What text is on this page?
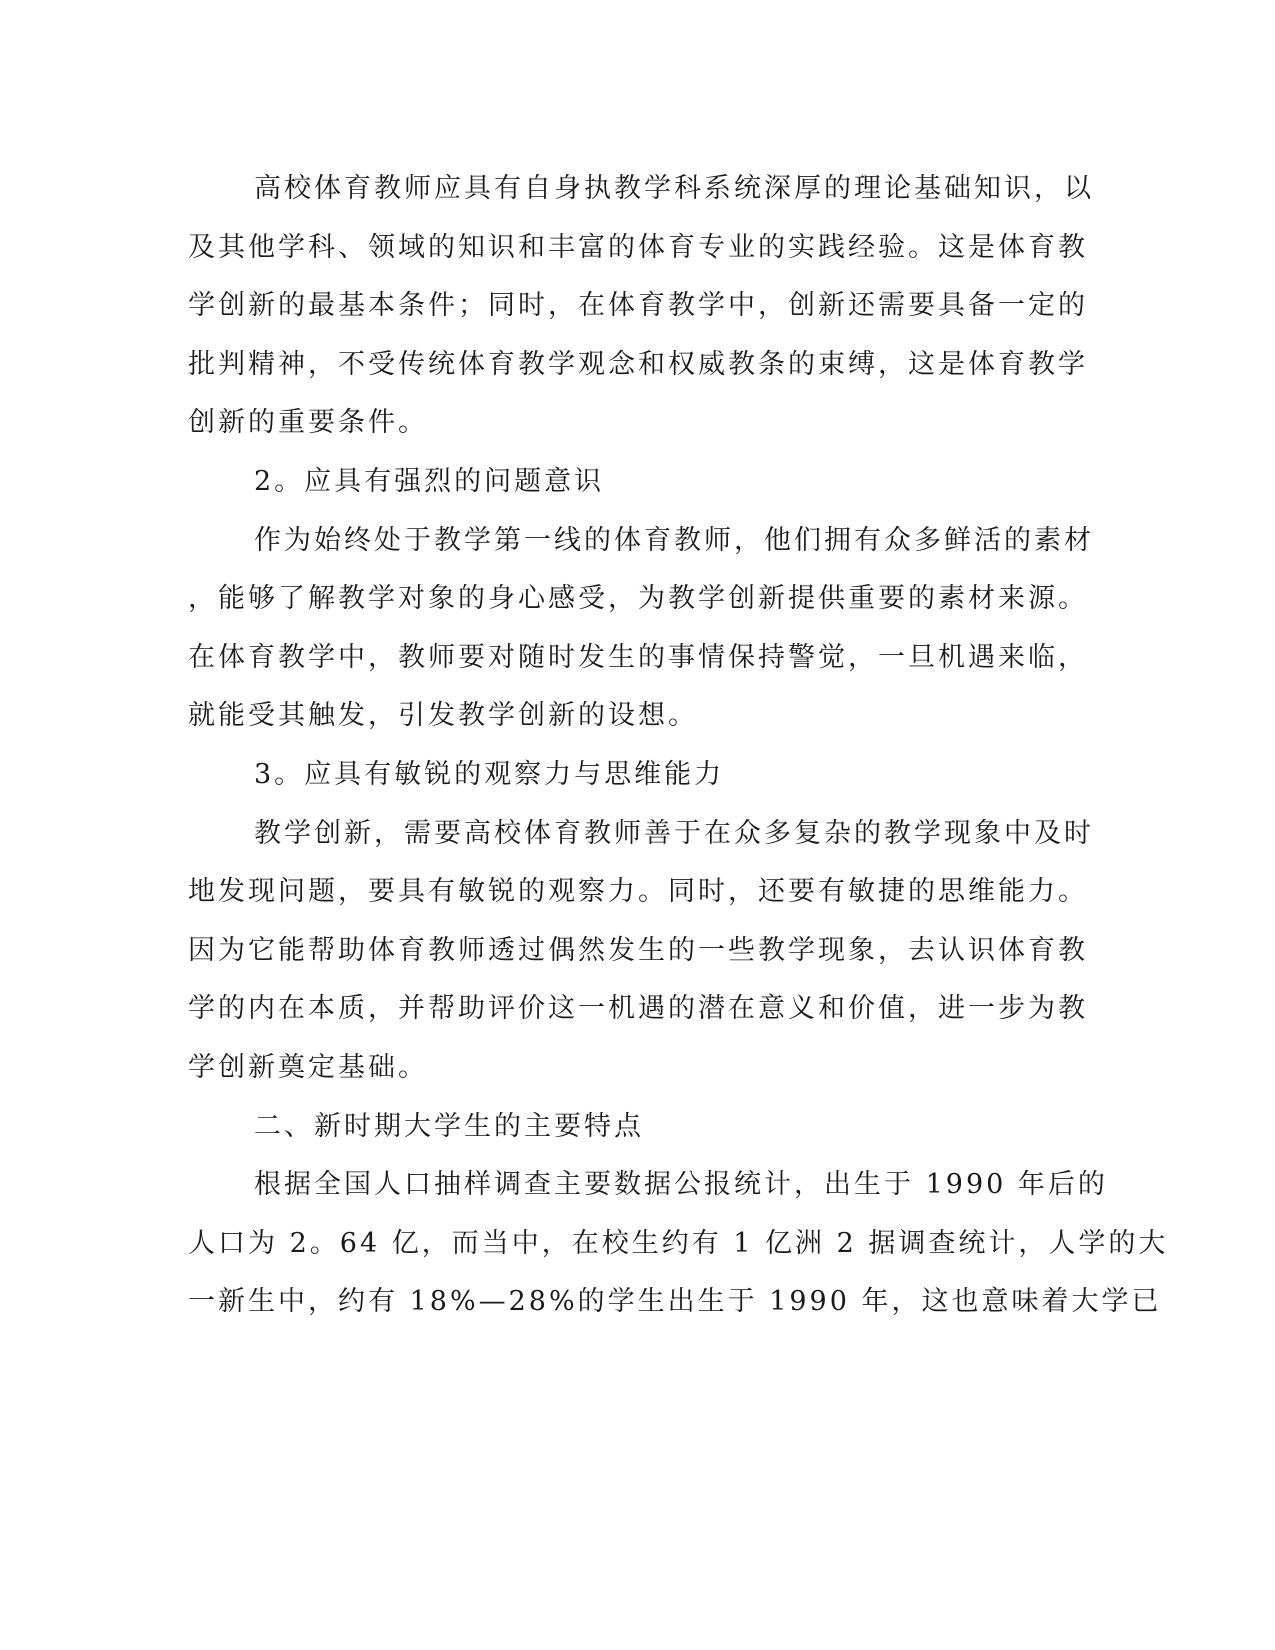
高校体育教师应具有自身执教学科系统深厚的理论基础知识，以
及其他学科、领域的知识和丰富的体育专业的实践经验。这是体育教
学创新的最基本条件；同时，在体育教学中，创新还需要具备一定的
批判精神，不受传统体育教学观念和权威教条的束缚，这是体育教学
创新的重要条件。
2。应具有强烈的问题意识
作为始终处于教学第一线的体育教师，他们拥有众多鲜活的素材
，能够了解教学对象的身心感受，为教学创新提供重要的素材来源。
在体育教学中，教师要对随时发生的事情保持警觉，一旦机遇来临，
就能受其触发，引发教学创新的设想。
3。应具有敏锐的观察力与思维能力
教学创新，需要高校体育教师善于在众多复杂的教学现象中及时
地发现问题，要具有敏锐的观察力。同时，还要有敏捷的思维能力。
因为它能帮助体育教师透过偶然发生的一些教学现象，去认识体育教
学的内在本质，并帮助评价这一机遇的潜在意义和价值，进一步为教
学创新奠定基础。
二、新时期大学生的主要特点
根据全国人口抽样调查主要数据公报统计，出生于 1990 年后的
人口为 2。64 亿，而当中，在校生约有 1 亿洲 2 据调查统计，人学的大
一新生中，约有 18%—28%的学生出生于 1990 年，这也意味着大学已
